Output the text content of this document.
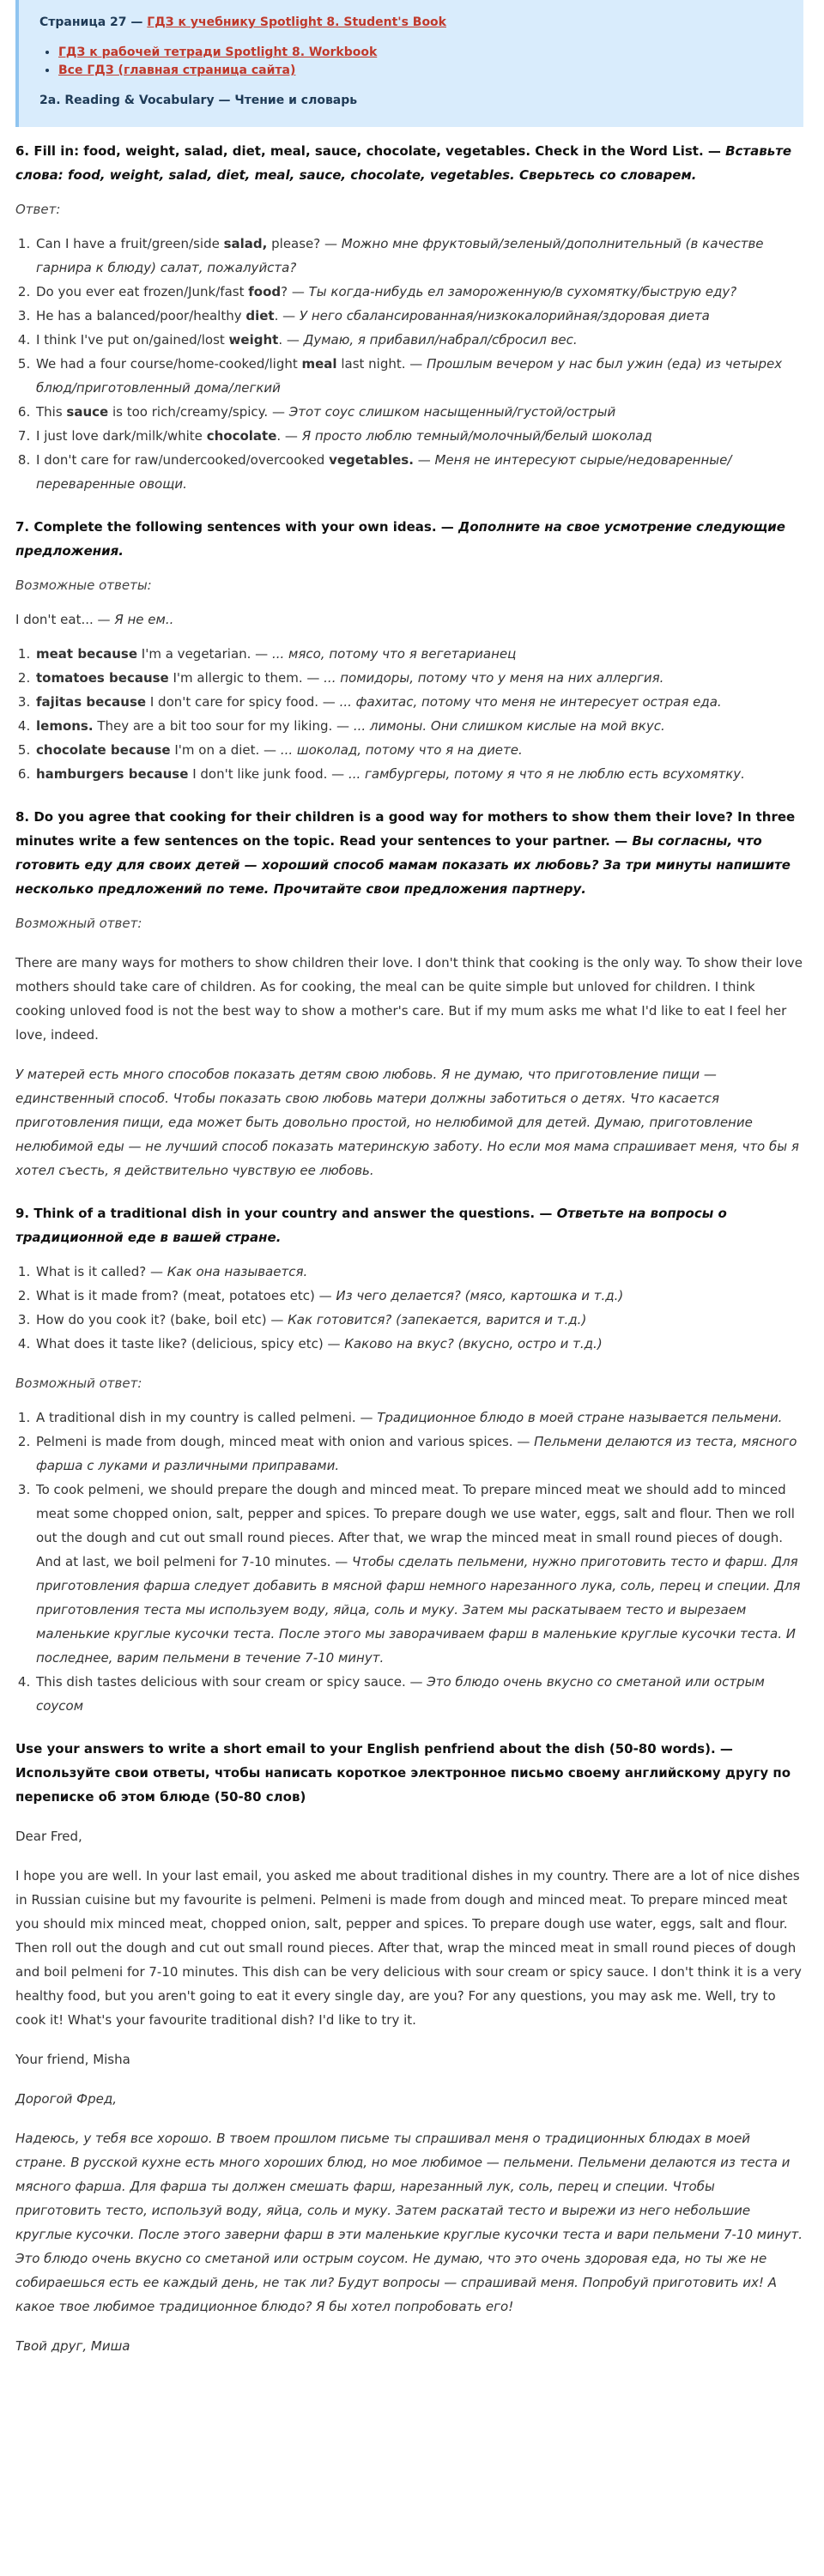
Страница 27 — ГДЗ к учебнику Spotlight 8. Student's Book
• ГДЗ к рабочей тетради Spotlight 8. Workbook
• Все ГДЗ (главная страница сайта)
2a. Reading & Vocabulary — Чтение и словарь

6. Fill in: food, weight, salad, diet, meal, sauce, chocolate, vegetables. Check in the Word List. — Вставьте слова: food, weight, salad, diet, meal, sauce, chocolate, vegetables. Сверьтесь со словарем.

Ответ:

1. Can I have a fruit/green/side salad, please? — Можно мне фруктовый/зеленый/дополнительный (в качестве гарнира к блюду) салат, пожалуйста?
2. Do you ever eat frozen/Junk/fast food? — Ты когда-нибудь ел замороженную/в сухомятку/быструю еду?
3. He has a balanced/poor/healthy diet. — У него сбалансированная/низкокалорийная/здоровая диета
4. I think I've put on/gained/lost weight. — Думаю, я прибавил/набрал/сбросил вес.
5. We had a four course/home-cooked/light meal last night. — Прошлым вечером у нас был ужин (еда) из четырех блюд/приготовленный дома/легкий
6. This sauce is too rich/creamy/spicy. — Этот соус слишком насыщенный/густой/острый
7. I just love dark/milk/white chocolate. — Я просто люблю темный/молочный/белый шоколад
8. I don't care for raw/undercooked/overcooked vegetables. — Меня не интересуют сырые/недоваренные/переваренные овощи.

7. Complete the following sentences with your own ideas. — Дополните на свое усмотрение следующие предложения.

Возможные ответы:

I don't eat... — Я не ем..

1. meat because I'm a vegetarian. — ... мясо, потому что я вегетарианец
2. tomatoes because I'm allergic to them. — ... помидоры, потому что у меня на них аллергия.
3. fajitas because I don't care for spicy food. — ... фахитас, потому что меня не интересует острая еда.
4. lemons. They are a bit too sour for my liking. — ... лимоны. Они слишком кислые на мой вкус.
5. chocolate because I'm on a diet. — ... шоколад, потому что я на диете.
6. hamburgers because I don't like junk food. — ... гамбургеры, потому я что я не люблю есть всухомятку.

8. Do you agree that cooking for their children is a good way for mothers to show them their love? In three minutes write a few sentences on the topic. Read your sentences to your partner. — Вы согласны, что готовить еду для своих детей — хороший способ мамам показать их любовь? За три минуты напишите несколько предложений по теме. Прочитайте свои предложения партнеру.

Возможный ответ:

There are many ways for mothers to show children their love. I don't think that cooking is the only way. To show their love mothers should take care of children. As for cooking, the meal can be quite simple but unloved for children. I think cooking unloved food is not the best way to show a mother's care. But if my mum asks me what I'd like to eat I feel her love, indeed.

У матерей есть много способов показать детям свою любовь. Я не думаю, что приготовление пищи — единственный способ. Чтобы показать свою любовь матери должны заботиться о детях. Что касается приготовления пищи, еда может быть довольно простой, но нелюбимой для детей. Думаю, приготовление нелюбимой еды — не лучший способ показать материнскую заботу. Но если моя мама спрашивает меня, что бы я хотел съесть, я действительно чувствую ее любовь.

9. Think of a traditional dish in your country and answer the questions. — Ответьте на вопросы о традиционной еде в вашей стране.

1. What is it called? — Как она называется.
2. What is it made from? (meat, potatoes etc) — Из чего делается? (мясо, картошка и т.д.)
3. How do you cook it? (bake, boil etc) — Как готовится? (запекается, варится и т.д.)
4. What does it taste like? (delicious, spicy etc) — Каково на вкус? (вкусно, остро и т.д.)

Возможный ответ:

1. A traditional dish in my country is called pelmeni. — Традиционное блюдо в моей стране называется пельмени.
2. Pelmeni is made from dough, minced meat with onion and various spices. — Пельмени делаются из теста, мясного фарша с луками и различными приправами.
3. To cook pelmeni, we should prepare the dough and minced meat. To prepare minced meat we should add to minced meat some chopped onion, salt, pepper and spices. To prepare dough we use water, eggs, salt and flour. Then we roll out the dough and cut out small round pieces. After that, we wrap the minced meat in small round pieces of dough. And at last, we boil pelmeni for 7-10 minutes. — Чтобы сделать пельмени, нужно приготовить тесто и фарш. Для приготовления фарша следует добавить в мясной фарш немного нарезанного лука, соль, перец и специи. Для приготовления теста мы используем воду, яйца, соль и муку. Затем мы раскатываем тесто и вырезаем маленькие круглые кусочки теста. После этого мы заворачиваем фарш в маленькие круглые кусочки теста. И последнее, варим пельмени в течение 7-10 минут.
4. This dish tastes delicious with sour cream or spicy sauce. — Это блюдо очень вкусно со сметаной или острым соусом

Use your answers to write a short email to your English penfriend about the dish (50-80 words). — Используйте свои ответы, чтобы написать короткое электронное письмо своему английскому другу по переписке об этом блюде (50-80 слов)

Dear Fred,

I hope you are well. In your last email, you asked me about traditional dishes in my country. There are a lot of nice dishes in Russian cuisine but my favourite is pelmeni. Pelmeni is made from dough and minced meat. To prepare minced meat you should mix minced meat, chopped onion, salt, pepper and spices. To prepare dough use water, eggs, salt and flour. Then roll out the dough and cut out small round pieces. After that, wrap the minced meat in small round pieces of dough and boil pelmeni for 7-10 minutes. This dish can be very delicious with sour cream or spicy sauce. I don't think it is a very healthy food, but you aren't going to eat it every single day, are you? For any questions, you may ask me. Well, try to cook it! What's your favourite traditional dish? I'd like to try it.

Your friend, Misha

Дорогой Фред,

Надеюсь, у тебя все хорошо. В твоем прошлом письме ты спрашивал меня о традиционных блюдах в моей стране. В русской кухне есть много хороших блюд, но мое любимое — пельмени. Пельмени делаются из теста и мясного фарша. Для фарша ты должен смешать фарш, нарезанный лук, соль, перец и специи. Чтобы приготовить тесто, используй воду, яйца, соль и муку. Затем раскатай тесто и вырежи из него небольшие круглые кусочки. После этого заверни фарш в эти маленькие круглые кусочки теста и вари пельмени 7-10 минут. Это блюдо очень вкусно со сметаной или острым соусом. Не думаю, что это очень здоровая еда, но ты же не собираешься есть ее каждый день, не так ли? Будут вопросы — спрашивай меня. Попробуй приготовить их! А какое твое любимое традиционное блюдо? Я бы хотел попробовать его!

Твой друг, Миша
